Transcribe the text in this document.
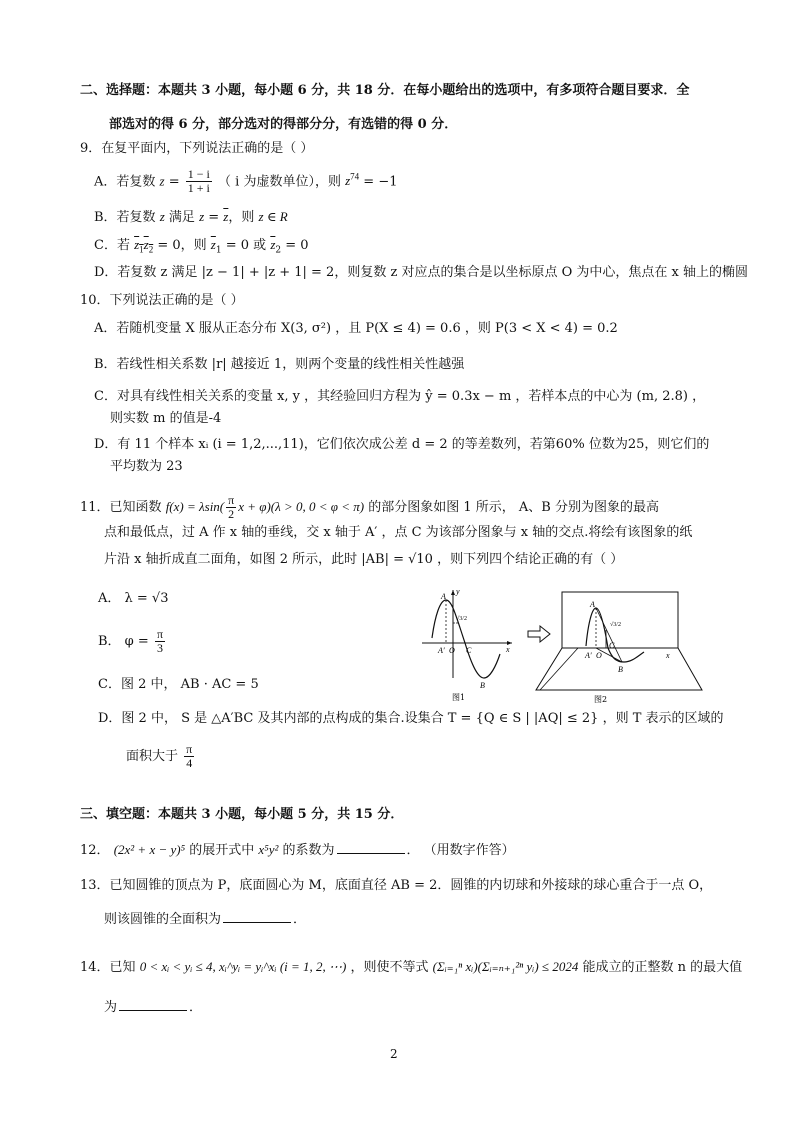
二、选择题：本题共 3 小题，每小题 6 分，共 18 分．在每小题给出的选项中，有多项符合题目要求．全
部选对的得 6 分，部分选对的得部分分，有选错的得 0 分．
9．在复平面内，下列说法正确的是（ ）
A．若复数 $z = \frac{1 - i}{1 + i}$ （ i 为虚数单位），则 $z^{74} = -1$
B．若复数 z 满足 $z = \overline{z}$，则 z ∈ R
C．若 $z_1z_2 = 0$，则 $\overline{z}_1 = 0$ 或 $\overline{z}_2 = 0$
D．若复数 z 满足 |z − 1| + |z + 1| = 2，则复数 z 对应点的集合是以坐标原点 O 为中心，焦点在 x 轴上的椭圆
10．下列说法正确的是（ ）
A．若随机变量 X 服从正态分布 X(3, σ²) ，且 P(X ≤ 4) = 0.6 ，则 P(3 < X < 4) = 0.2
B．若线性相关系数 |r| 越接近 1，则两个变量的线性相关性越强
C．对具有线性相关关系的变量 x, y ，其经验回归方程为 ŷ = 0.3x − m ，若样本点的中心为 (m, 2.8) ，
则实数 m 的值是-4
D．有 11 个样本 xᵢ (i = 1,2,...,11)，它们依次成公差 d = 2 的等差数列，若第60% 位数为25，则它们的
平均数为 23
11．已知函数 $f(x) = \lambda\sin( \frac{\pi}{2}$ x + φ)(λ > 0, 0 < φ < π) 的部分图象如图 1 所示， A、B 分别为图象的最高
点和最低点，过 A 作 x 轴的垂线，交 x 轴于 A′ ，点 C 为该部分图象与 x 轴的交点.将绘有该图象的纸
片沿 x 轴折成直二面角，如图 2 所示，此时 |AB| = √10 ，则下列四个结论正确的有（ ）
A． λ = √3
B． $\varphi = \frac{\pi}{3}$
C．图 2 中， AB · AC = 5
D．图 2 中， S 是 △A′BC 及其内部的点构成的集合.设集合 T = {Q ∈ S | |AQ| ≤ 2} ，则 T 表示的区域的
面积大于 $\frac{\pi}{4}$
A
√3/2
A′ O C
B
x
y
图1
A
√3/2
A′ O
C
B
x
图2
三、填空题：本题共 3 小题，每小题 5 分，共 15 分．
12． (2x² + x − y)⁵ 的展开式中 x⁵y² 的系数为	． （用数字作答）
13．已知圆锥的顶点为 P，底面圆心为 M，底面直径 AB = 2．圆锥的内切球和外接球的球心重合于一点 O，
则该圆锥的全面积为	．
14．已知 0 < xᵢ < yᵢ ≤ 4, xᵢ^yᵢ = yᵢ^xᵢ (i = 1, 2, ⋯) ，则使不等式 (Σᵢ₌₁ⁿ xᵢ)(Σᵢ₌ₙ₊₁²ⁿ yᵢ) ≤ 2024 能成立的正整数 n 的最大值
为	．
2
